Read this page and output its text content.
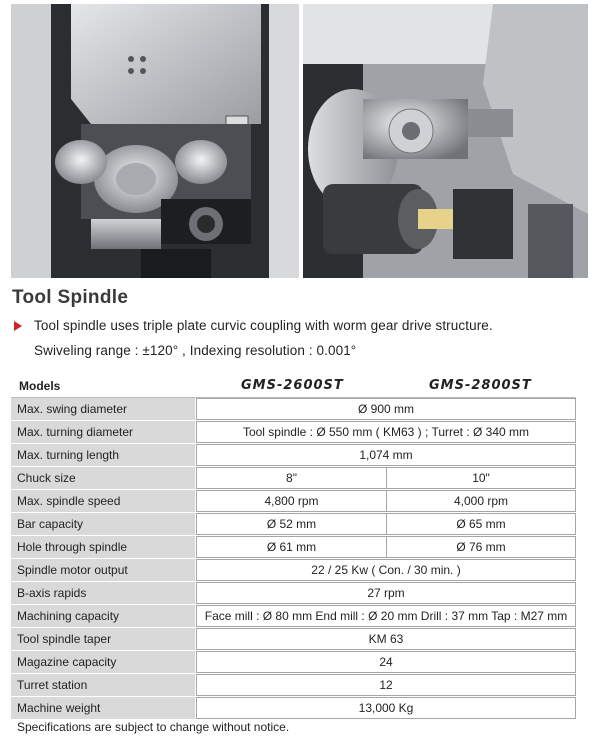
Tool Spindle
Tool spindle uses triple plate curvic coupling with worm gear drive structure.
Swiveling range : ±120° , Indexing resolution : 0.001°
Models	GMS-2600ST	GMS-2800ST
Max. swing diameter	Ø 900 mm
Max. turning diameter	Tool spindle : Ø 550 mm ( KM63 ) ; Turret : Ø 340 mm
Max. turning length	1,074 mm
Chuck size	8"	10"
Max. spindle speed	4,800 rpm	4,000 rpm
Bar capacity	Ø 52 mm	Ø 65 mm
Hole through spindle	Ø 61 mm	Ø 76 mm
Spindle motor output	22 / 25 Kw ( Con. / 30 min. )
B-axis rapids	27 rpm
Machining capacity	Face mill : Ø 80 mm End mill : Ø 20 mm Drill : 37 mm Tap : M27 mm
Tool spindle taper	KM 63
Magazine capacity	24
Turret station	12
Machine weight	13,000 Kg
Specifications are subject to change without notice.
